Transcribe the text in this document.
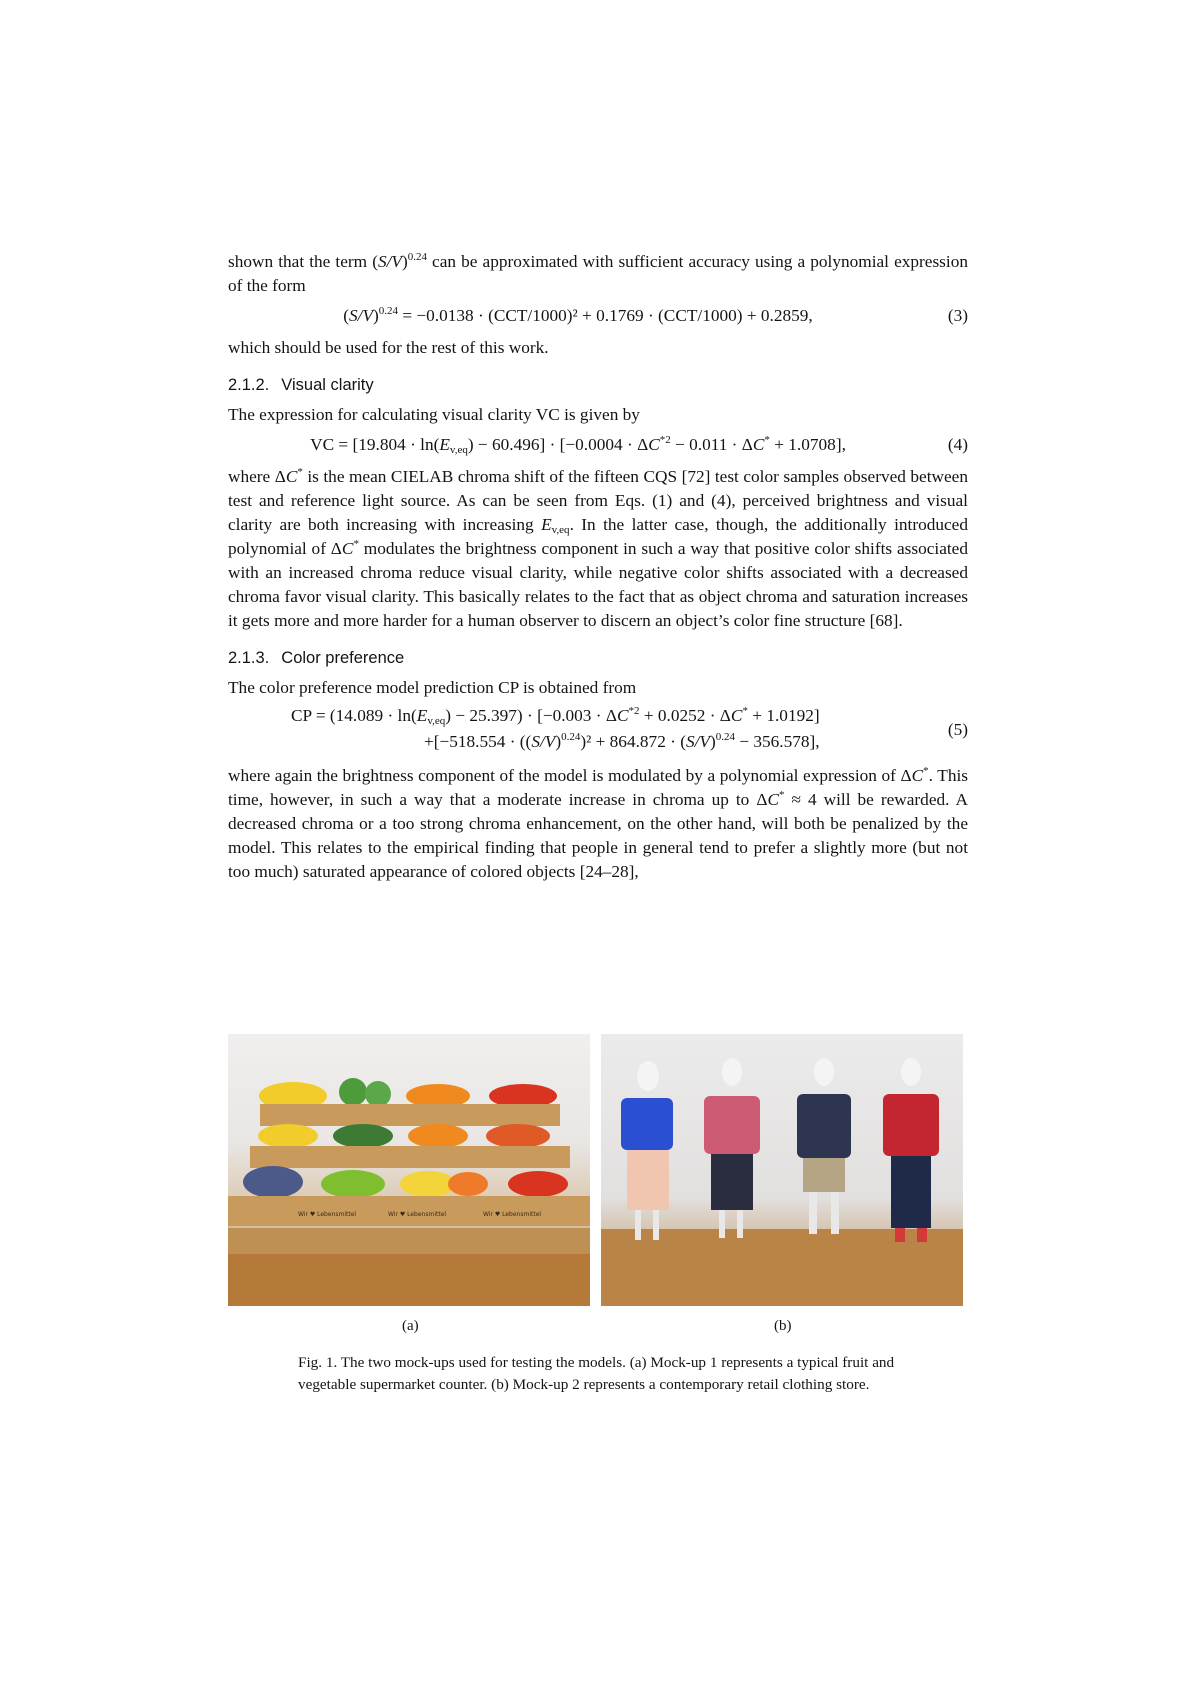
shown that the term $(S/V)^{0.24}$ can be approximated with sufficient accuracy using a polynomial expression of the form

$(S/V)^{0.24} = -0.0138 \cdot (CCT/1000)^2 + 0.1769 \cdot (CCT/1000) + 0.2859$,	(3)

which should be used for the rest of this work.

2.1.2. Visual clarity

The expression for calculating visual clarity VC is given by

VC = $[19.804 \cdot \ln(E_{v,eq}) - 60.496] \cdot [-0.0004 \cdot \Delta C^{*2} - 0.011 \cdot \Delta C^* + 1.0708]$,	(4)

where ΔC* is the mean CIELAB chroma shift of the fifteen CQS [72] test color samples observed between test and reference light source. As can be seen from Eqs. (1) and (4), perceived brightness and visual clarity are both increasing with increasing $E_{v,eq}$. In the latter case, though, the additionally introduced polynomial of ΔC* modulates the brightness component in such a way that positive color shifts associated with an increased chroma reduce visual clarity, while negative color shifts associated with a decreased chroma favor visual clarity. This basically relates to the fact that as object chroma and saturation increases it gets more and more harder for a human observer to discern an object’s color fine structure [68].

2.1.3. Color preference

The color preference model prediction CP is obtained from

CP = $(14.089 \cdot \ln(E_{v,eq}) - 25.397) \cdot [-0.003 \cdot \Delta C^{*2} + 0.0252 \cdot \Delta C^* + 1.0192]$
$+[-518.554 \cdot ((S/V)^{0.24})^2 + 864.872 \cdot (S/V)^{0.24} - 356.578]$,
(5)

where again the brightness component of the model is modulated by a polynomial expression of ΔC*. This time, however, in such a way that a moderate increase in chroma up to ΔC* ≈ 4 will be rewarded. A decreased chroma or a too strong chroma enhancement, on the other hand, will both be penalized by the model. This relates to the empirical finding that people in general tend to prefer a slightly more (but not too much) saturated appearance of colored objects [24–28],

Wir ♥ Lebensmittel	Wir ♥ Lebensmittel	Wir ♥ Lebensmittel
(a)	(b)
Fig. 1. The two mock-ups used for testing the models. (a) Mock-up 1 represents a typical fruit and vegetable supermarket counter. (b) Mock-up 2 represents a contemporary retail clothing store.
